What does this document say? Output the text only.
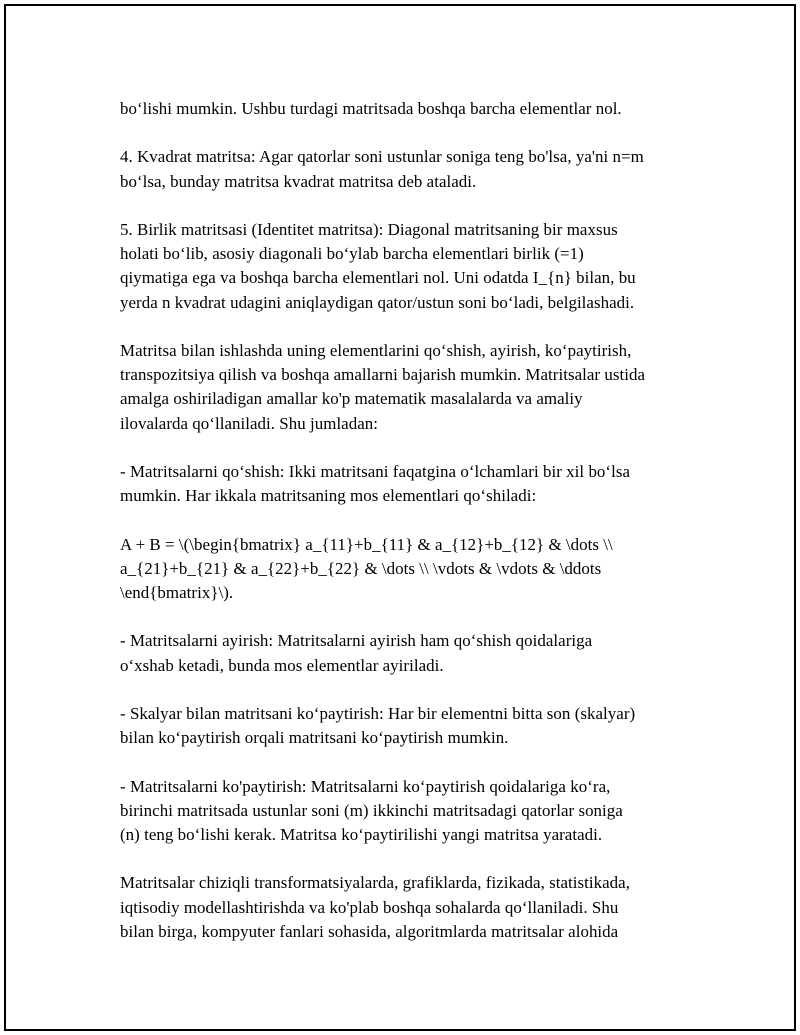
bo‘lishi mumkin. Ushbu turdagi matritsada boshqa barcha elementlar nol.

4. Kvadrat matritsa: Agar qatorlar soni ustunlar soniga teng bo'lsa, ya'ni n=m
bo‘lsa, bunday matritsa kvadrat matritsa deb ataladi.

5. Birlik matritsasi (Identitet matritsa): Diagonal matritsaning bir maxsus
holati bo‘lib, asosiy diagonali bo‘ylab barcha elementlari birlik (=1)
qiymatiga ega va boshqa barcha elementlari nol. Uni odatda I_{n} bilan, bu
yerda n kvadrat udagini aniqlaydigan qator/ustun soni bo‘ladi, belgilashadi.

Matritsa bilan ishlashda uning elementlarini qo‘shish, ayirish, ko‘paytirish,
transpozitsiya qilish va boshqa amallarni bajarish mumkin. Matritsalar ustida
amalga oshiriladigan amallar ko'p matematik masalalarda va amaliy
ilovalarda qo‘llaniladi. Shu jumladan:

- Matritsalarni qo‘shish: Ikki matritsani faqatgina o‘lchamlari bir xil bo‘lsa
mumkin. Har ikkala matritsaning mos elementlari qo‘shiladi:

A + B = \(\begin{bmatrix} a_{11}+b_{11} & a_{12}+b_{12} & \dots \\
a_{21}+b_{21} & a_{22}+b_{22} & \dots \\ \vdots & \vdots & \ddots
\end{bmatrix}\).

- Matritsalarni ayirish: Matritsalarni ayirish ham qo‘shish qoidalariga
o‘xshab ketadi, bunda mos elementlar ayiriladi.

- Skalyar bilan matritsani ko‘paytirish: Har bir elementni bitta son (skalyar)
bilan ko‘paytirish orqali matritsani ko‘paytirish mumkin.

- Matritsalarni ko'paytirish: Matritsalarni ko‘paytirish qoidalariga ko‘ra,
birinchi matritsada ustunlar soni (m) ikkinchi matritsadagi qatorlar soniga
(n) teng bo‘lishi kerak. Matritsa ko‘paytirilishi yangi matritsa yaratadi.

Matritsalar chiziqli transformatsiyalarda, grafiklarda, fizikada, statistikada,
iqtisodiy modellashtirishda va ko'plab boshqa sohalarda qo‘llaniladi. Shu
bilan birga, kompyuter fanlari sohasida, algoritmlarda matritsalar alohida
